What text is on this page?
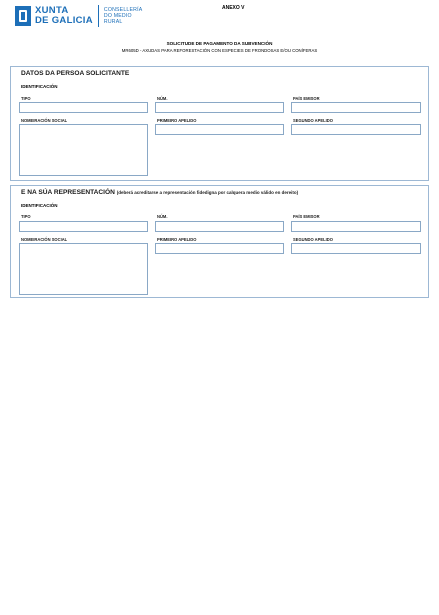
XUNTA
DE GALICIA
CONSELLERÍA
DO MEDIO
RURAL
ANEXO V
SOLICITUDE DE PAGAMENTO DA SUBVENCIÓN
MR605D - AXUDAS PARA REFORESTACIÓN CON ESPECIES DE FRONDOSAS E/OU CONÍFERAS
DATOS DA PERSOA SOLICITANTE
IDENTIFICACIÓN
TIPO	NÚM.	PAÍS EMISOR
NOMEIRACIÓN SOCIAL	PRIMEIRO APELIDO	SEGUNDO APELIDO
E NA SÚA REPRESENTACIÓN (deberá acreditarse a representación fidedigna por calquera medio válido en dereito)
IDENTIFICACIÓN
TIPO	NÚM.	PAÍS EMISOR
NOMEIRACIÓN SOCIAL	PRIMEIRO APELIDO	SEGUNDO APELIDO
